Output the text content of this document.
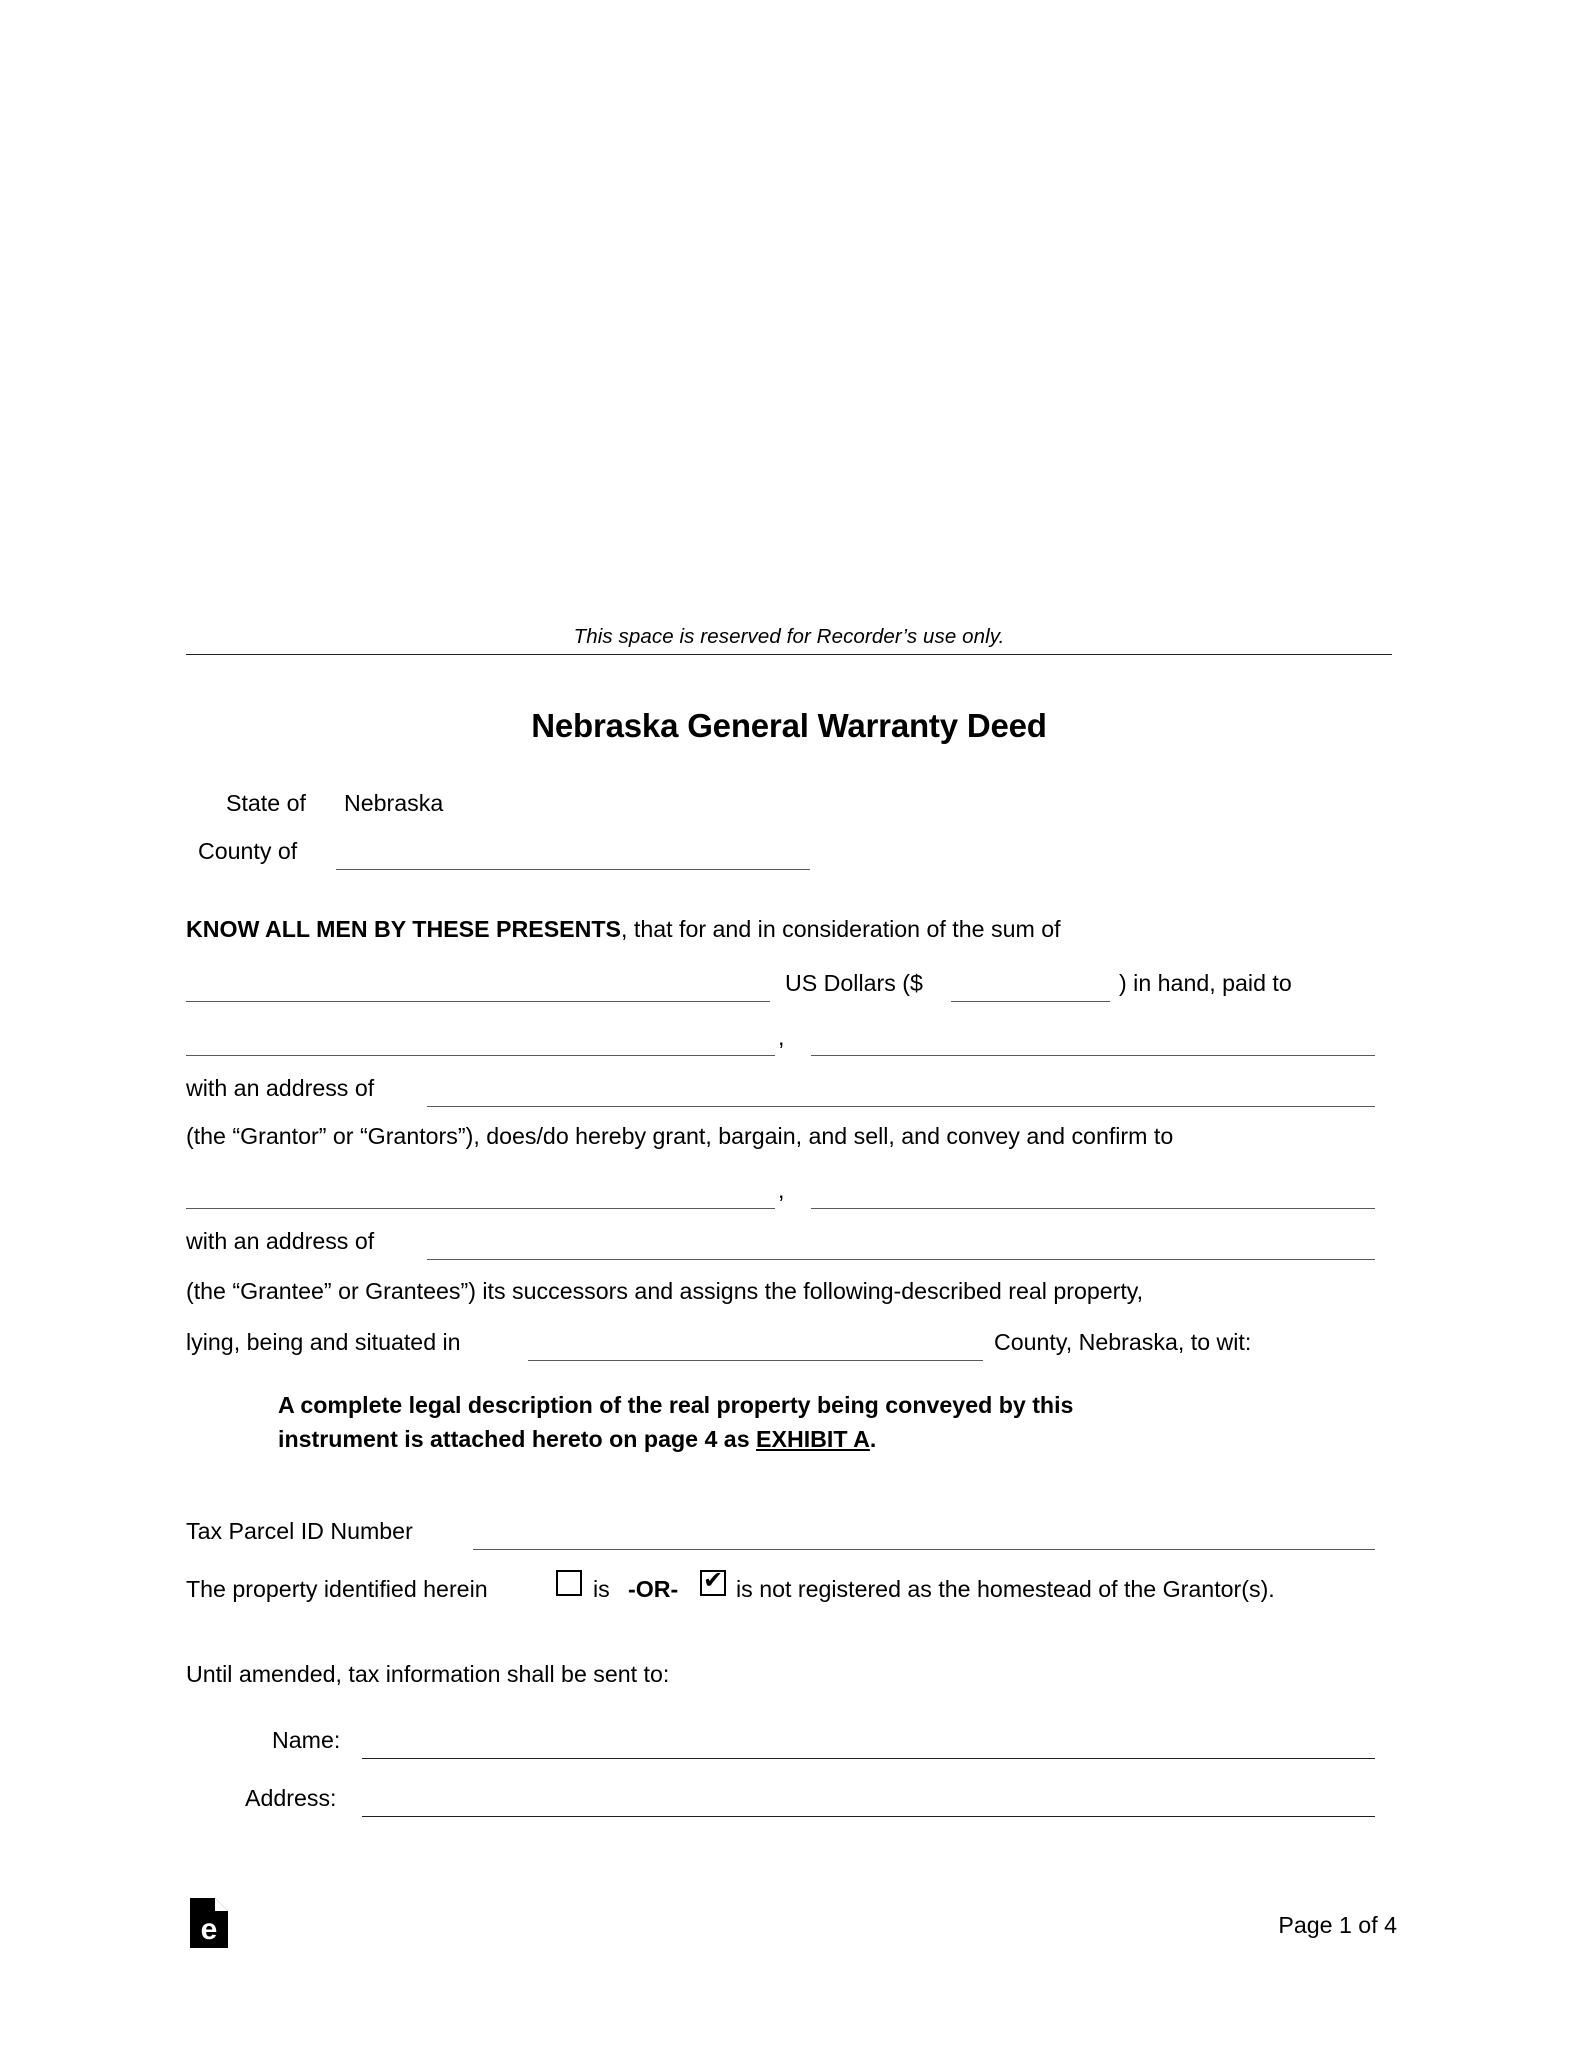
This space is reserved for Recorder’s use only.
Nebraska General Warranty Deed
State of Nebraska
County of
KNOW ALL MEN BY THESE PRESENTS, that for and in consideration of the sum of
US Dollars ($	) in hand, paid to
,
with an address of
(the “Grantor” or “Grantors”), does/do hereby grant, bargain, and sell, and convey and confirm to
,
with an address of
(the “Grantee” or Grantees”) its successors and assigns the following-described real property,
lying, being and situated in	County, Nebraska, to wit:
A complete legal description of the real property being conveyed by this
instrument is attached hereto on page 4 as EXHIBIT A.
Tax Parcel ID Number
The property identified herein	is -OR- ✔ is not registered as the homestead of the Grantor(s).
Until amended, tax information shall be sent to:
Name:
Address:
e	Page 1 of 4
